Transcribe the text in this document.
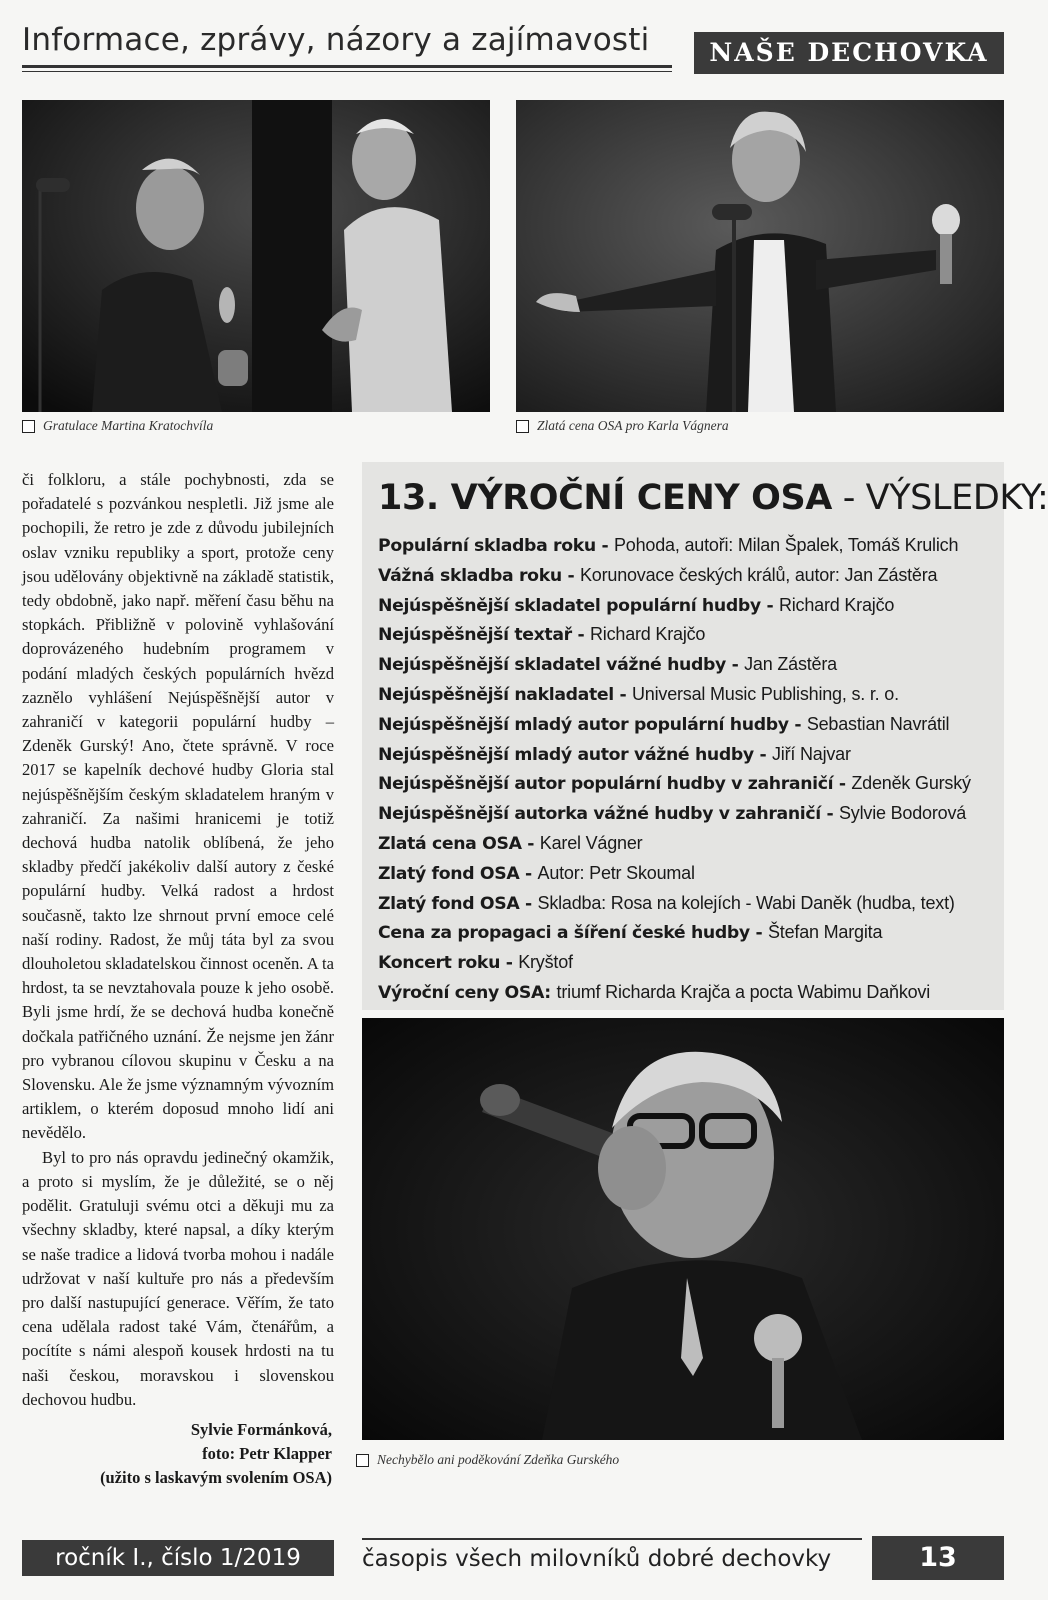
Informace, zprávy, názory a zajímavosti	NAŠE DECHOVKA
Gratulace Martina Kratochvíla	Zlatá cena OSA pro Karla Vágnera

či folkloru, a stále pochybnosti, zda se pořadatelé s pozvánkou nespletli. Již jsme ale pochopili, že retro je zde z důvodu jubilejních oslav vzniku republiky a sport, protože ceny jsou udělovány objektivně na základě statistik, tedy obdobně, jako např. měření času běhu na stopkách. Přibližně v polovině vyhlašování doprovázeného hudebním programem v podání mladých českých populárních hvězd zaznělo vyhlášení Nejúspěšnější autor v zahraničí v kategorii populární hudby – Zdeněk Gurský! Ano, čtete správně. V roce 2017 se kapelník dechové hudby Gloria stal nejúspěšnějším českým skladatelem hraným v zahraničí. Za našimi hranicemi je totiž dechová hudba natolik oblíbená, že jeho skladby předčí jakékoliv další autory z české populární hudby. Velká radost a hrdost současně, takto lze shrnout první emoce celé naší rodiny. Radost, že můj táta byl za svou dlouholetou skladatelskou činnost oceněn. A ta hrdost, ta se nevztahovala pouze k jeho osobě. Byli jsme hrdí, že se dechová hudba konečně dočkala patřičného uznání. Že nejsme jen žánr pro vybranou cílovou skupinu v Česku a na Slovensku. Ale že jsme významným vývozním artiklem, o kterém doposud mnoho lidí ani nevědělo.

Byl to pro nás opravdu jedinečný okamžik, a proto si myslím, že je důležité, se o něj podělit. Gratuluji svému otci a děkuji mu za všechny skladby, které napsal, a díky kterým se naše tradice a lidová tvorba mohou i nadále udržovat v naší kultuře pro nás a především pro další nastupující generace. Věřím, že tato cena udělala radost také Vám, čtenářům, a pocítíte s námi alespoň kousek hrdosti na tu naši českou, moravskou i slovenskou dechovou hudbu.

Sylvie Formánková,
foto: Petr Klapper
(užito s laskavým svolením OSA)
13. VÝROČNÍ CENY OSA - VÝSLEDKY:
Populární skladba roku - Pohoda, autoři: Milan Špalek, Tomáš Krulich
Vážná skladba roku - Korunovace českých králů, autor: Jan Zástěra
Nejúspěšnější skladatel populární hudby - Richard Krajčo
Nejúspěšnější textař - Richard Krajčo
Nejúspěšnější skladatel vážné hudby - Jan Zástěra
Nejúspěšnější nakladatel - Universal Music Publishing, s. r. o.
Nejúspěšnější mladý autor populární hudby - Sebastian Navrátil
Nejúspěšnější mladý autor vážné hudby - Jiří Najvar
Nejúspěšnější autor populární hudby v zahraničí - Zdeněk Gurský
Nejúspěšnější autorka vážné hudby v zahraničí - Sylvie Bodorová
Zlatá cena OSA - Karel Vágner
Zlatý fond OSA - Autor: Petr Skoumal
Zlatý fond OSA - Skladba: Rosa na kolejích - Wabi Daněk (hudba, text)
Cena za propagaci a šíření české hudby - Štefan Margita
Koncert roku - Kryštof
Výroční ceny OSA: triumf Richarda Krajča a pocta Wabimu Daňkovi
Nechybělo ani poděkování Zdeňka Gurského
ročník I., číslo 1/2019	časopis všech milovníků dobré dechovky	13
